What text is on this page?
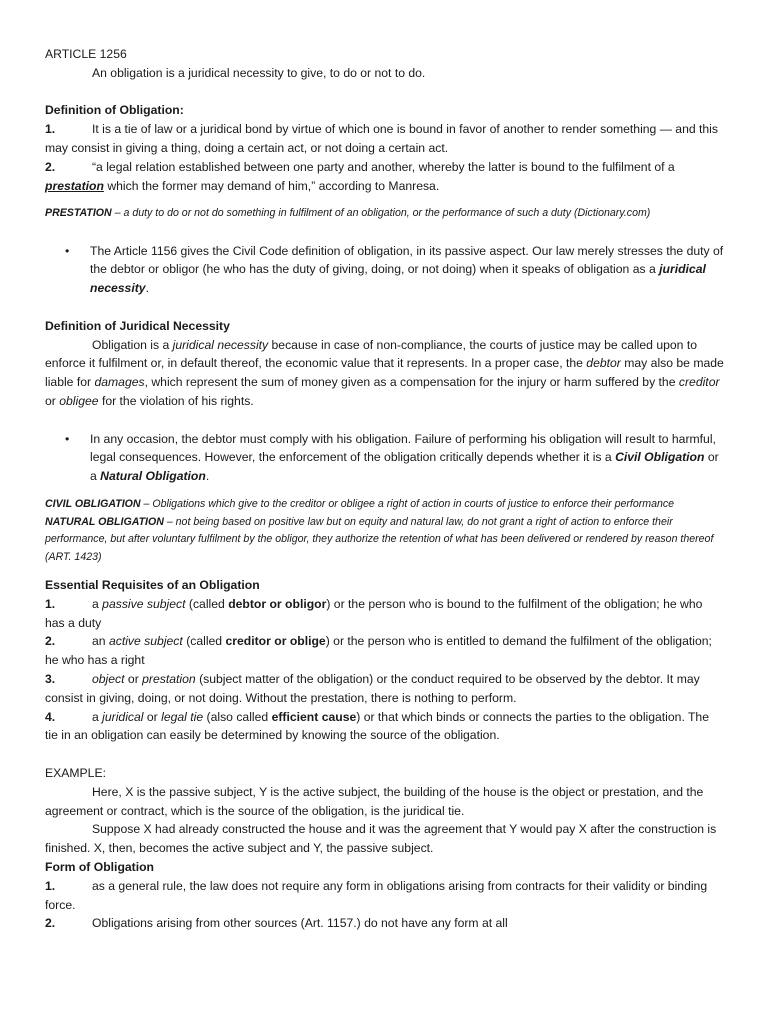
ARTICLE 1256

An obligation is a juridical necessity to give, to do or not to do.

Definition of Obligation:

1.	It is a tie of law or a juridical bond by virtue of which one is bound in favor of another to render something — and this may consist in giving a thing, doing a certain act, or not doing a certain act.

2.	“a legal relation established between one party and another, whereby the latter is bound to the fulfilment of a prestation which the former may demand of him,” according to Manresa.

PRESTATION – a duty to do or not do something in fulfilment of an obligation, or the performance of such a duty (Dictionary.com)

• The Article 1156 gives the Civil Code definition of obligation, in its passive aspect. Our law merely stresses the duty of the debtor or obligor (he who has the duty of giving, doing, or not doing) when it speaks of obligation as a juridical necessity.

Definition of Juridical Necessity

Obligation is a juridical necessity because in case of non-compliance, the courts of justice may be called upon to enforce it fulfilment or, in default thereof, the economic value that it represents. In a proper case, the debtor may also be made liable for damages, which represent the sum of money given as a compensation for the injury or harm suffered by the creditor or obligee for the violation of his rights.

• In any occasion, the debtor must comply with his obligation. Failure of performing his obligation will result to harmful, legal consequences. However, the enforcement of the obligation critically depends whether it is a Civil Obligation or a Natural Obligation.

CIVIL OBLIGATION – Obligations which give to the creditor or obligee a right of action in courts of justice to enforce their performance

NATURAL OBLIGATION – not being based on positive law but on equity and natural law, do not grant a right of action to enforce their performance, but after voluntary fulfilment by the obligor, they authorize the retention of what has been delivered or rendered by reason thereof (ART. 1423)

Essential Requisites of an Obligation

1.	a passive subject (called debtor or obligor) or the person who is bound to the fulfilment of the obligation; he who has a duty

2.	an active subject (called creditor or oblige) or the person who is entitled to demand the fulfilment of the obligation; he who has a right

3.	object or prestation (subject matter of the obligation) or the conduct required to be observed by the debtor. It may consist in giving, doing, or not doing. Without the prestation, there is nothing to perform.

4.	a juridical or legal tie (also called efficient cause) or that which binds or connects the parties to the obligation. The tie in an obligation can easily be determined by knowing the source of the obligation.

EXAMPLE:

Here, X is the passive subject, Y is the active subject, the building of the house is the object or prestation, and the agreement or contract, which is the source of the obligation, is the juridical tie.

Suppose X had already constructed the house and it was the agreement that Y would pay X after the construction is finished. X, then, becomes the active subject and Y, the passive subject.

Form of Obligation

1.	as a general rule, the law does not require any form in obligations arising from contracts for their validity or binding force.

2.	Obligations arising from other sources (Art. 1157.) do not have any form at all
